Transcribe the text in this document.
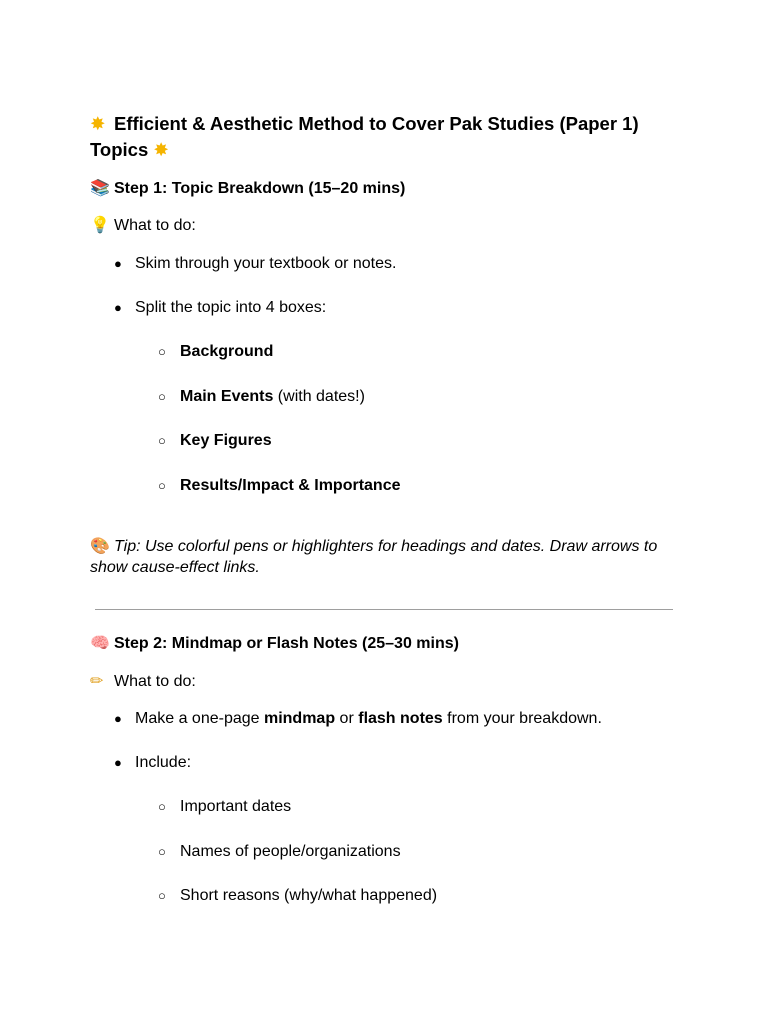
✸ Efficient & Aesthetic Method to Cover Pak Studies (Paper 1)
Topics ✸
📚 Step 1: Topic Breakdown (15–20 mins)
💡 What to do:
● Skim through your textbook or notes.
● Split the topic into 4 boxes:
○ Background
○ Main Events (with dates!)
○ Key Figures
○ Results/Impact & Importance
🎨 Tip: Use colorful pens or highlighters for headings and dates. Draw arrows to show cause-effect links.
🧠 Step 2: Mindmap or Flash Notes (25–30 mins)
✏ What to do:
● Make a one-page mindmap or flash notes from your breakdown.
● Include:
○ Important dates
○ Names of people/organizations
○ Short reasons (why/what happened)
